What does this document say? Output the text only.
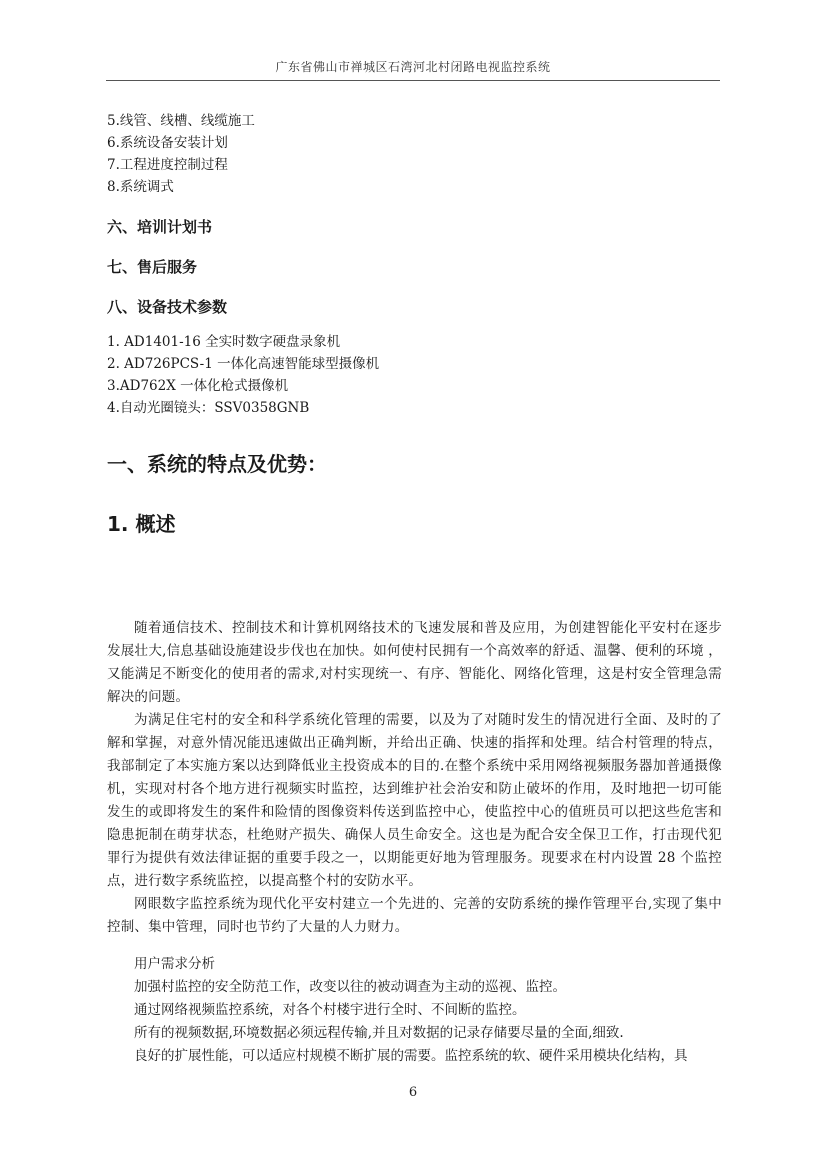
广东省佛山市禅城区石湾河北村闭路电视监控系统

5.线管、线槽、线缆施工

6.系统设备安装计划

7.工程进度控制过程

8.系统调式

六、培训计划书
七、售后服务
八、设备技术参数

1. AD1401-16 全实时数字硬盘录象机

2. AD726PCS-1 一体化高速智能球型摄像机

3.AD762X 一体化枪式摄像机

4.自动光圈镜头：SSV0358GNB

一、系统的特点及优势：
1. 概述

随着通信技术、控制技术和计算机网络技术的飞速发展和普及应用，为创建智能化平安村在逐步发展壮大,信息基础设施建设步伐也在加快。如何使村民拥有一个高效率的舒适、温馨、便利的环境 ，又能满足不断变化的使用者的需求,对村实现统一、有序、智能化、网络化管理，这是村安全管理急需解决的问题。

为满足住宅村的安全和科学系统化管理的需要，以及为了对随时发生的情况进行全面、及时的了解和掌握，对意外情况能迅速做出正确判断，并给出正确、快速的指挥和处理。结合村管理的特点，我部制定了本实施方案以达到降低业主投资成本的目的.在整个系统中采用网络视频服务器加普通摄像机，实现对村各个地方进行视频实时监控，达到维护社会治安和防止破坏的作用，及时地把一切可能发生的或即将发生的案件和险情的图像资料传送到监控中心，使监控中心的值班员可以把这些危害和隐患扼制在萌芽状态，杜绝财产损失、确保人员生命安全。这也是为配合安全保卫工作，打击现代犯罪行为提供有效法律证据的重要手段之一，以期能更好地为管理服务。现要求在村内设置 28 个监控点，进行数字系统监控，以提高整个村的安防水平。

网眼数字监控系统为现代化平安村建立一个先进的、完善的安防系统的操作管理平台,实现了集中控制、集中管理，同时也节约了大量的人力财力。

用户需求分析

加强村监控的安全防范工作，改变以往的被动调查为主动的巡视、监控。

通过网络视频监控系统，对各个村楼宇进行全时、不间断的监控。

所有的视频数据,环境数据必须远程传输,并且对数据的记录存储要尽量的全面,细致.

良好的扩展性能，可以适应村规模不断扩展的需要。监控系统的软、硬件采用模块化结构，具

6
